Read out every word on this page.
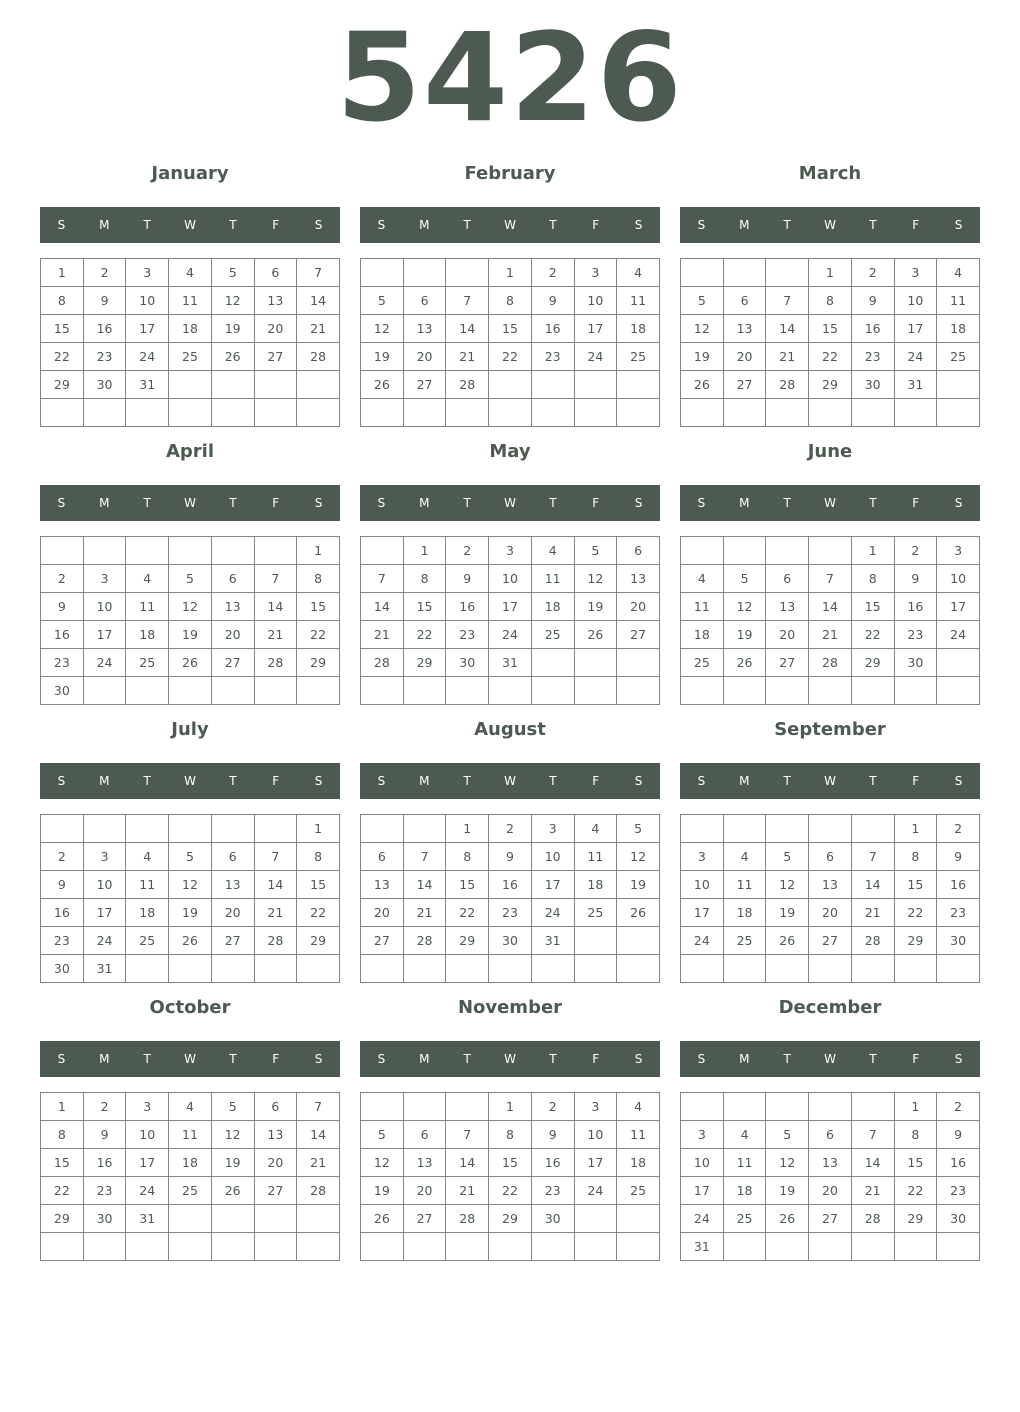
5426
January
S	M	T	W	T	F	S
1	2	3	4	5	6	7
8	9	10	11	12	13	14
15	16	17	18	19	20	21
22	23	24	25	26	27	28
29	30	31				

February
S	M	T	W	T	F	S
			1	2	3	4
5	6	7	8	9	10	11
12	13	14	15	16	17	18
19	20	21	22	23	24	25
26	27	28				

March
S	M	T	W	T	F	S
			1	2	3	4
5	6	7	8	9	10	11
12	13	14	15	16	17	18
19	20	21	22	23	24	25
26	27	28	29	30	31	

April
S	M	T	W	T	F	S
						1
2	3	4	5	6	7	8
9	10	11	12	13	14	15
16	17	18	19	20	21	22
23	24	25	26	27	28	29
30						
May
S	M	T	W	T	F	S
	1	2	3	4	5	6
7	8	9	10	11	12	13
14	15	16	17	18	19	20
21	22	23	24	25	26	27
28	29	30	31			

June
S	M	T	W	T	F	S
				1	2	3
4	5	6	7	8	9	10
11	12	13	14	15	16	17
18	19	20	21	22	23	24
25	26	27	28	29	30	

July
S	M	T	W	T	F	S
						1
2	3	4	5	6	7	8
9	10	11	12	13	14	15
16	17	18	19	20	21	22
23	24	25	26	27	28	29
30	31					
August
S	M	T	W	T	F	S
		1	2	3	4	5
6	7	8	9	10	11	12
13	14	15	16	17	18	19
20	21	22	23	24	25	26
27	28	29	30	31		

September
S	M	T	W	T	F	S
					1	2
3	4	5	6	7	8	9
10	11	12	13	14	15	16
17	18	19	20	21	22	23
24	25	26	27	28	29	30

October
S	M	T	W	T	F	S
1	2	3	4	5	6	7
8	9	10	11	12	13	14
15	16	17	18	19	20	21
22	23	24	25	26	27	28
29	30	31				

November
S	M	T	W	T	F	S
			1	2	3	4
5	6	7	8	9	10	11
12	13	14	15	16	17	18
19	20	21	22	23	24	25
26	27	28	29	30		

December
S	M	T	W	T	F	S
					1	2
3	4	5	6	7	8	9
10	11	12	13	14	15	16
17	18	19	20	21	22	23
24	25	26	27	28	29	30
31						
